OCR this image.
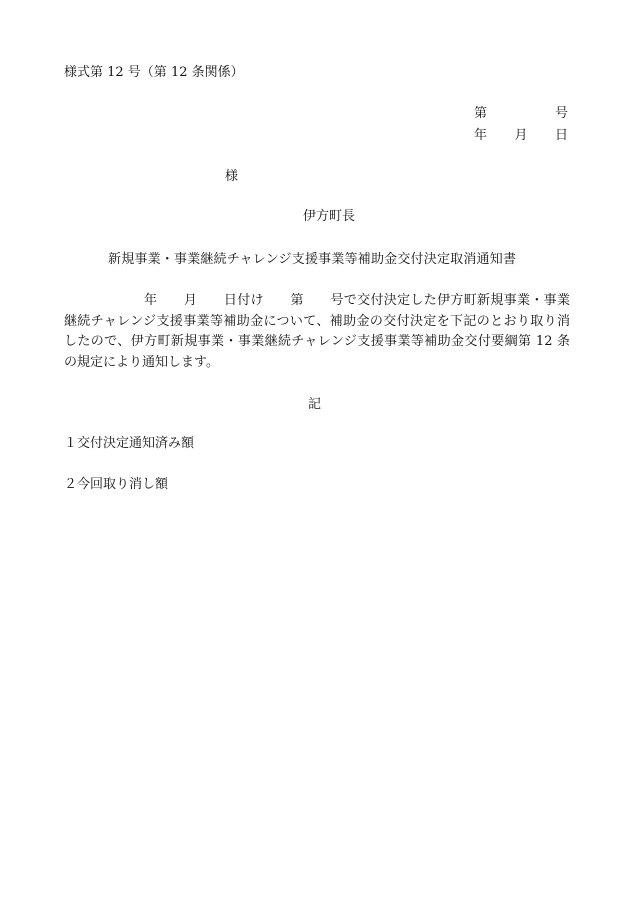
様式第 12 号（第 12 条関係）
第	号
年 月 日
様
伊方町長
新規事業・事業継続チャレンジ支援事業等補助金交付決定取消通知書
　　　　　　年　　月　　日付け　　第　　号で交付決定した伊方町新規事業・事業
継続チャレンジ支援事業等補助金について、補助金の交付決定を下記のとおり取り消
したので、伊方町新規事業・事業継続チャレンジ支援事業等補助金交付要綱第 12 条
の規定により通知します。
記
１交付決定通知済み額
２今回取り消し額
